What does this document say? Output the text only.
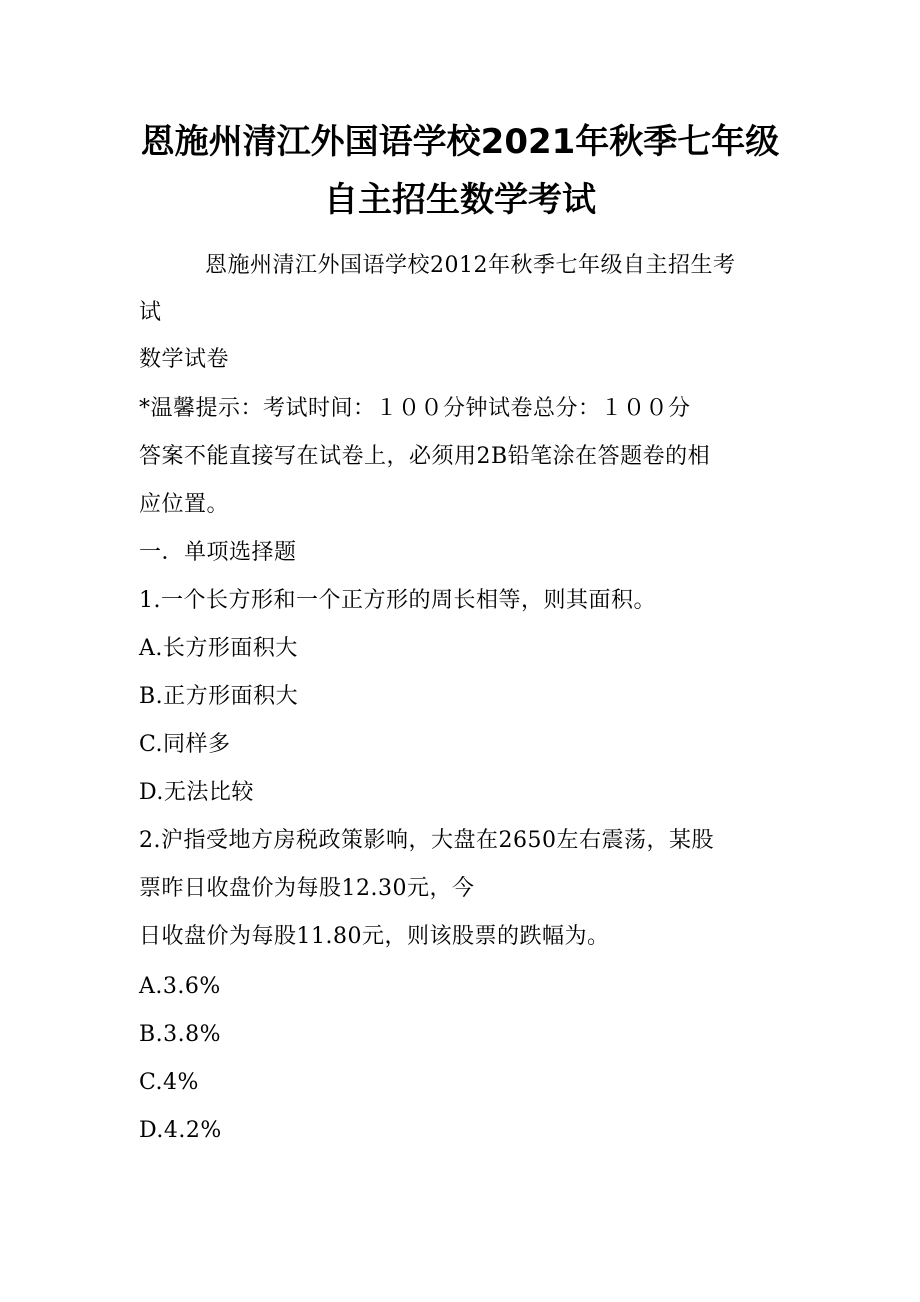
恩施州清江外国语学校2021年秋季七年级
自主招生数学考试
恩施州清江外国语学校2012年秋季七年级自主招生考
试
数学试卷
*温馨提示：考试时间：１００分钟试卷总分：１００分
答案不能直接写在试卷上，必须用2B铅笔涂在答题卷的相
应位置。
一．单项选择题
1.一个长方形和一个正方形的周长相等，则其面积。
A.长方形面积大
B.正方形面积大
C.同样多
D.无法比较
2.沪指受地方房税政策影响，大盘在2650左右震荡，某股
票昨日收盘价为每股12.30元，今
日收盘价为每股11.80元，则该股票的跌幅为。
A.3.6%
B.3.8%
C.4%
D.4.2%
